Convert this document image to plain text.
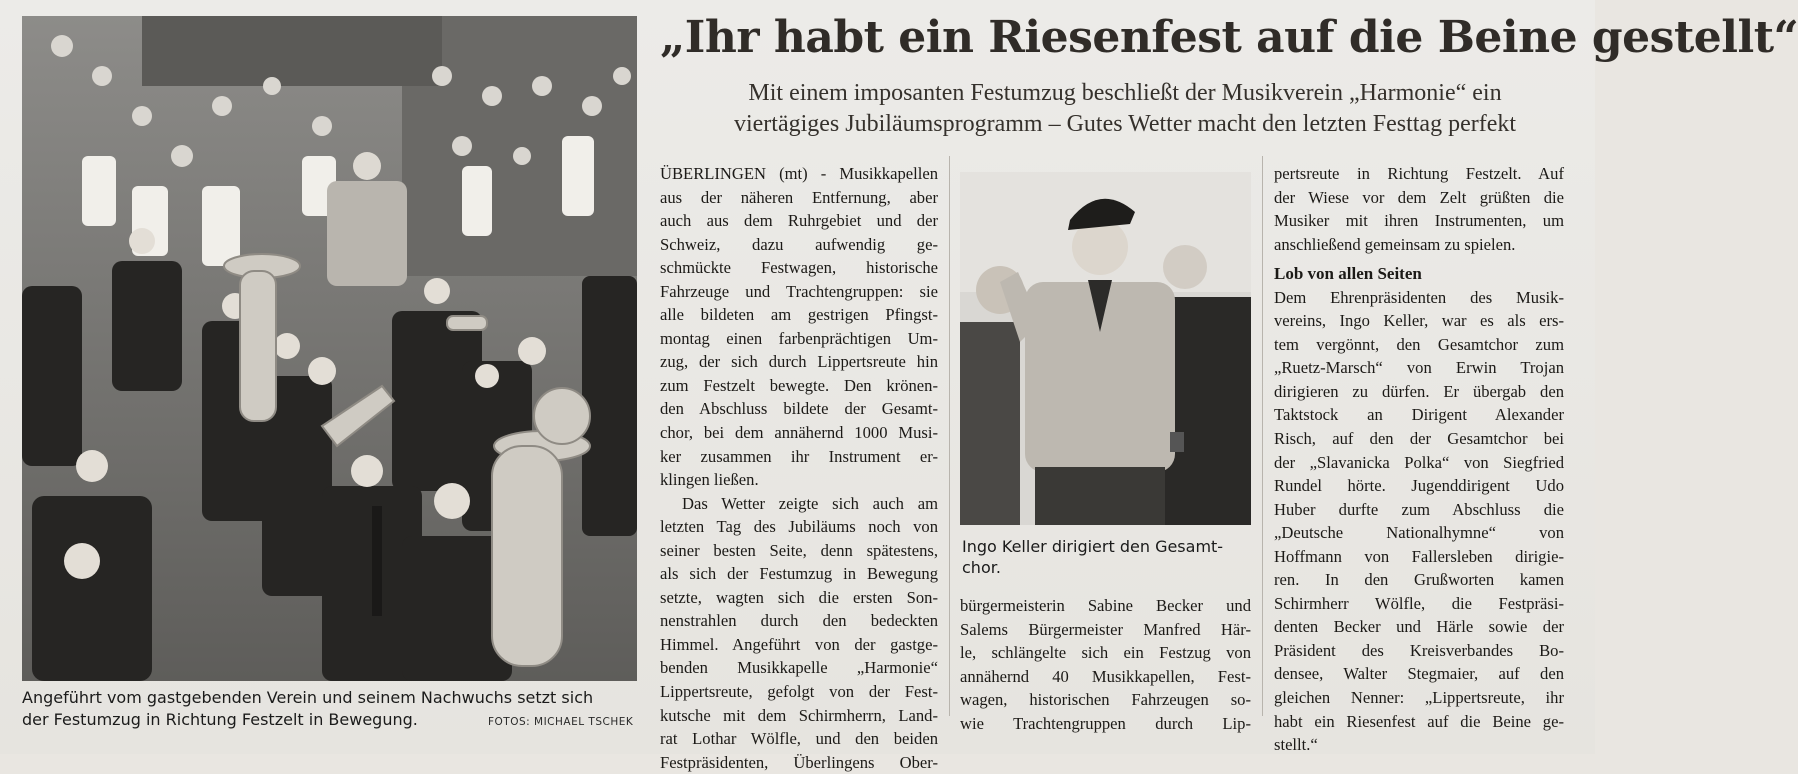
Angeführt vom gastgebenden Verein und seinem Nachwuchs setzt sich
der Festumzug in Richtung Festzelt in Bewegung.	FOTOS: MICHAEL TSCHEK
„Ihr habt ein Riesenfest auf die Beine gestellt“
Mit einem imposanten Festumzug beschließt der Musikverein „Harmonie“ ein
viertägiges Jubiläumsprogramm – Gutes Wetter macht den letzten Festtag perfekt
ÜBERLINGEN (mt) - Musikkapellen
aus der näheren Entfernung, aber
auch aus dem Ruhrgebiet und der
Schweiz, dazu aufwendig ge-
schmückte Festwagen, historische
Fahrzeuge und Trachtengruppen: sie
alle bildeten am gestrigen Pfingst-
montag einen farbenprächtigen Um-
zug, der sich durch Lippertsreute hin
zum Festzelt bewegte. Den krönen-
den Abschluss bildete der Gesamt-
chor, bei dem annähernd 1000 Musi-
ker zusammen ihr Instrument er-
klingen ließen.
Das Wetter zeigte sich auch am
letzten Tag des Jubiläums noch von
seiner besten Seite, denn spätestens,
als sich der Festumzug in Bewegung
setzte, wagten sich die ersten Son-
nenstrahlen durch den bedeckten
Himmel. Angeführt von der gastge-
benden Musikkapelle „Harmonie“
Lippertsreute, gefolgt von der Fest-
kutsche mit dem Schirmherrn, Land-
rat Lothar Wölfle, und den beiden
Festpräsidenten, Überlingens Ober-
Ingo Keller dirigiert den Gesamt-
chor.
bürgermeisterin Sabine Becker und
Salems Bürgermeister Manfred Här-
le, schlängelte sich ein Festzug von
annähernd 40 Musikkapellen, Fest-
wagen, historischen Fahrzeugen so-
wie Trachtengruppen durch Lip-
pertsreute in Richtung Festzelt. Auf
der Wiese vor dem Zelt grüßten die
Musiker mit ihren Instrumenten, um
anschließend gemeinsam zu spielen.
Lob von allen Seiten
Dem Ehrenpräsidenten des Musik-
vereins, Ingo Keller, war es als ers-
tem vergönnt, den Gesamtchor zum
„Ruetz-Marsch“ von Erwin Trojan
dirigieren zu dürfen. Er übergab den
Taktstock an Dirigent Alexander
Risch, auf den der Gesamtchor bei
der „Slavanicka Polka“ von Siegfried
Rundel hörte. Jugenddirigent Udo
Huber durfte zum Abschluss die
„Deutsche Nationalhymne“ von
Hoffmann von Fallersleben dirigie-
ren. In den Grußworten kamen
Schirmherr Wölfle, die Festpräsi-
denten Becker und Härle sowie der
Präsident des Kreisverbandes Bo-
densee, Walter Stegmaier, auf den
gleichen Nenner: „Lippertsreute, ihr
habt ein Riesenfest auf die Beine ge-
stellt.“
